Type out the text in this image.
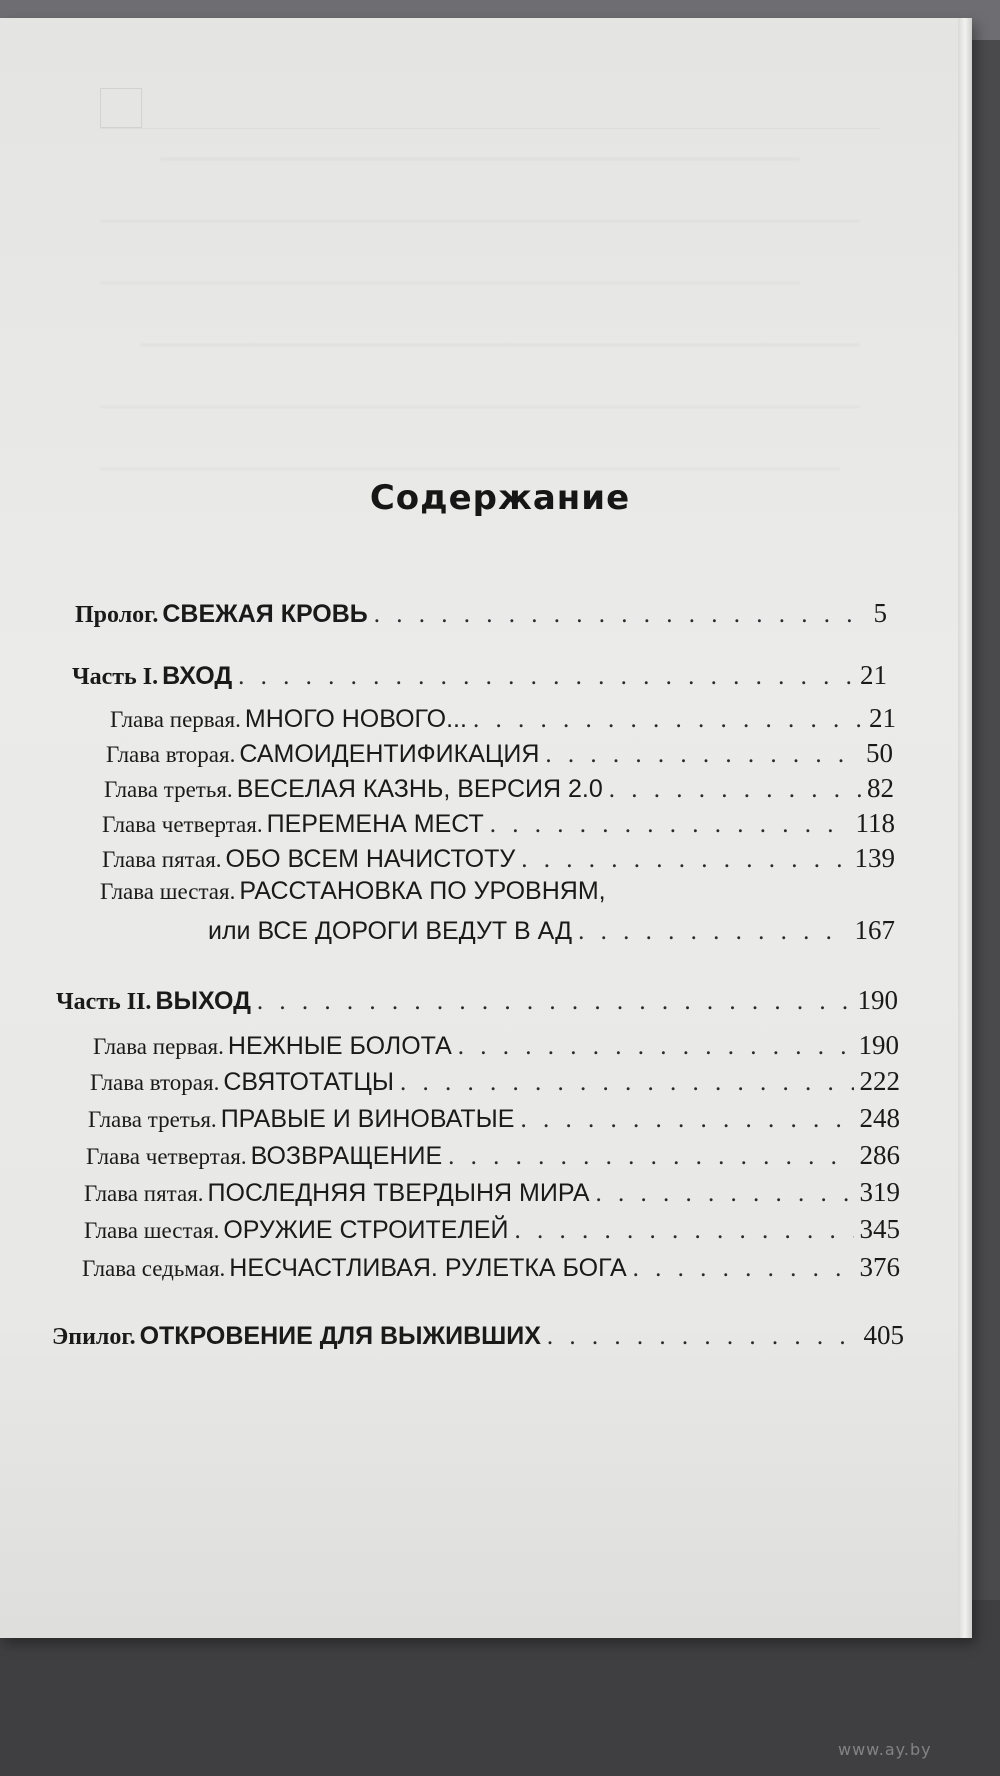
Содержание
Пролог. СВЕЖАЯ КРОВЬ . . .	5
Часть I. ВХОД . . .	21
Глава первая. МНОГО НОВОГО... . . .	21
Глава вторая. САМОИДЕНТИФИКАЦИЯ . . .	50
Глава третья. ВЕСЕЛАЯ КАЗНЬ, ВЕРСИЯ 2.0 . . .	82
Глава четвертая. ПЕРЕМЕНА МЕСТ . . .	118
Глава пятая. ОБО ВСЕМ НАЧИСТОТУ . . .	139
Глава шестая. РАССТАНОВКА ПО УРОВНЯМ,
или ВСЕ ДОРОГИ ВЕДУТ В АД . . .	167
Часть II. ВЫХОД . . .	190
Глава первая. НЕЖНЫЕ БОЛОТА . . .	190
Глава вторая. СВЯТОТАТЦЫ . . .	222
Глава третья. ПРАВЫЕ И ВИНОВАТЫЕ . . .	248
Глава четвертая. ВОЗВРАЩЕНИЕ . . .	286
Глава пятая. ПОСЛЕДНЯЯ ТВЕРДЫНЯ МИРА . . .	319
Глава шестая. ОРУЖИЕ СТРОИТЕЛЕЙ . . .	345
Глава седьмая. НЕСЧАСТЛИВАЯ. РУЛЕТКА БОГА . . .	376
Эпилог. ОТКРОВЕНИЕ ДЛЯ ВЫЖИВШИХ . . .	405
www.ay.by
